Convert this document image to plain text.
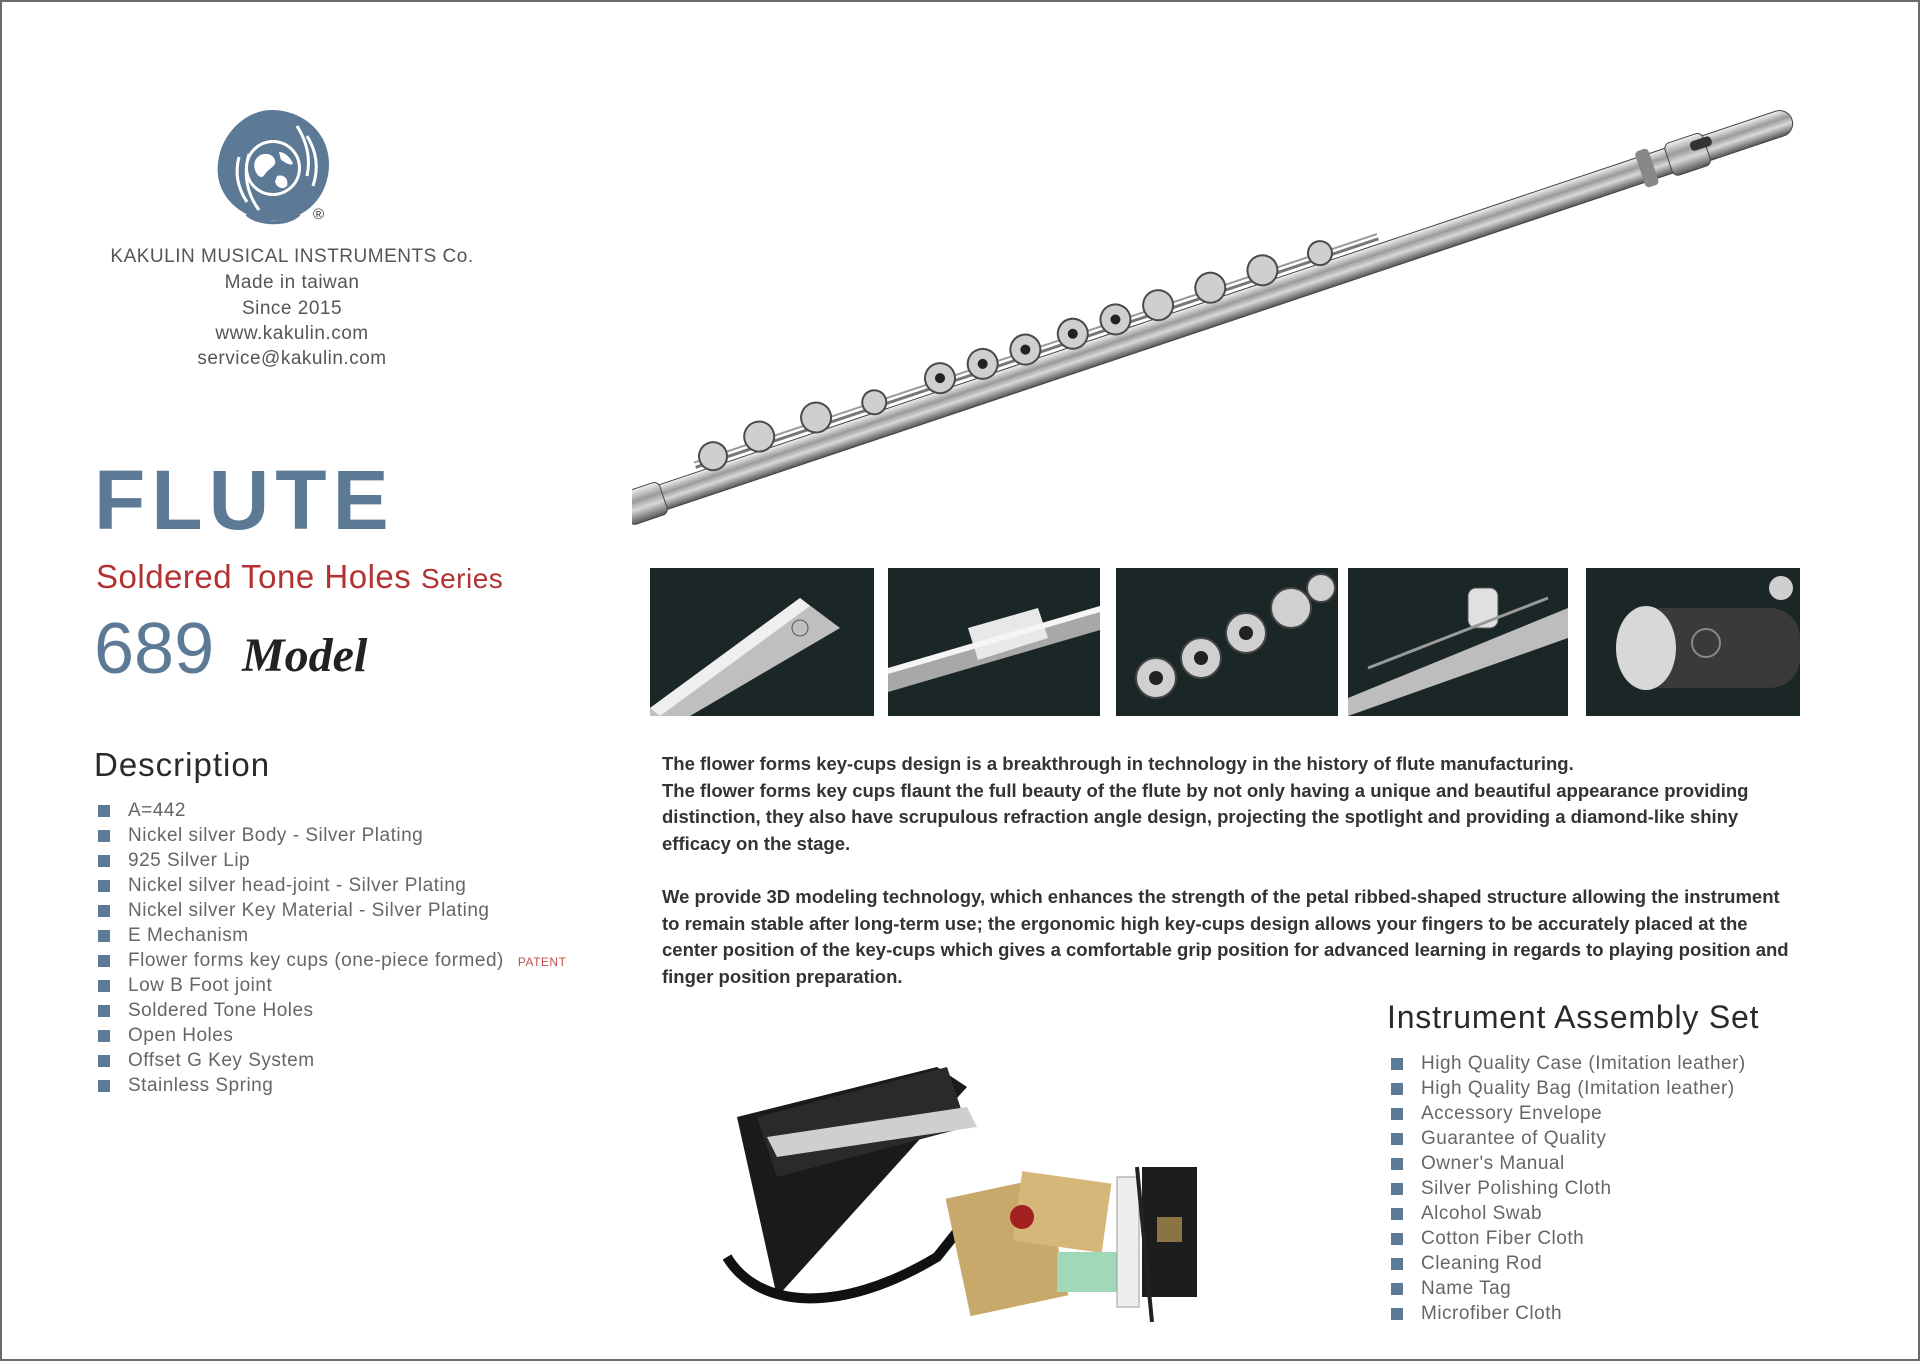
®
KAKULIN MUSICAL INSTRUMENTS Co.
Made in taiwan
Since 2015
www.kakulin.com
service@kakulin.com
FLUTE
Soldered Tone Holes Series
689 Model
Description
A=442
Nickel silver Body - Silver Plating
925 Silver Lip
Nickel silver head-joint - Silver Plating
Nickel silver Key Material - Silver Plating
E Mechanism
Flower forms key cups (one-piece formed) PATENT
Low B Foot joint
Soldered Tone Holes
Open Holes
Offset G Key System
Stainless Spring

The flower forms key-cups design is a breakthrough in technology in the history of flute manufacturing.

The flower forms key cups flaunt the full beauty of the flute by not only having a unique and beautiful appearance providing distinction, they also have scrupulous refraction angle design, projecting the spotlight and providing a diamond-like shiny efficacy on the stage.

We provide 3D modeling technology, which enhances the strength of the petal ribbed-shaped structure allowing the instrument to remain stable after long-term use; the ergonomic high key-cups design allows your fingers to be accurately placed at the center position of the key-cups which gives a comfortable grip position for advanced learning in regards to playing position and finger position preparation.

Instrument Assembly Set
High Quality Case (Imitation leather)
High Quality Bag (Imitation leather)
Accessory Envelope
Guarantee of Quality
Owner's Manual
Silver Polishing Cloth
Alcohol Swab
Cotton Fiber Cloth
Cleaning Rod
Name Tag
Microfiber Cloth
